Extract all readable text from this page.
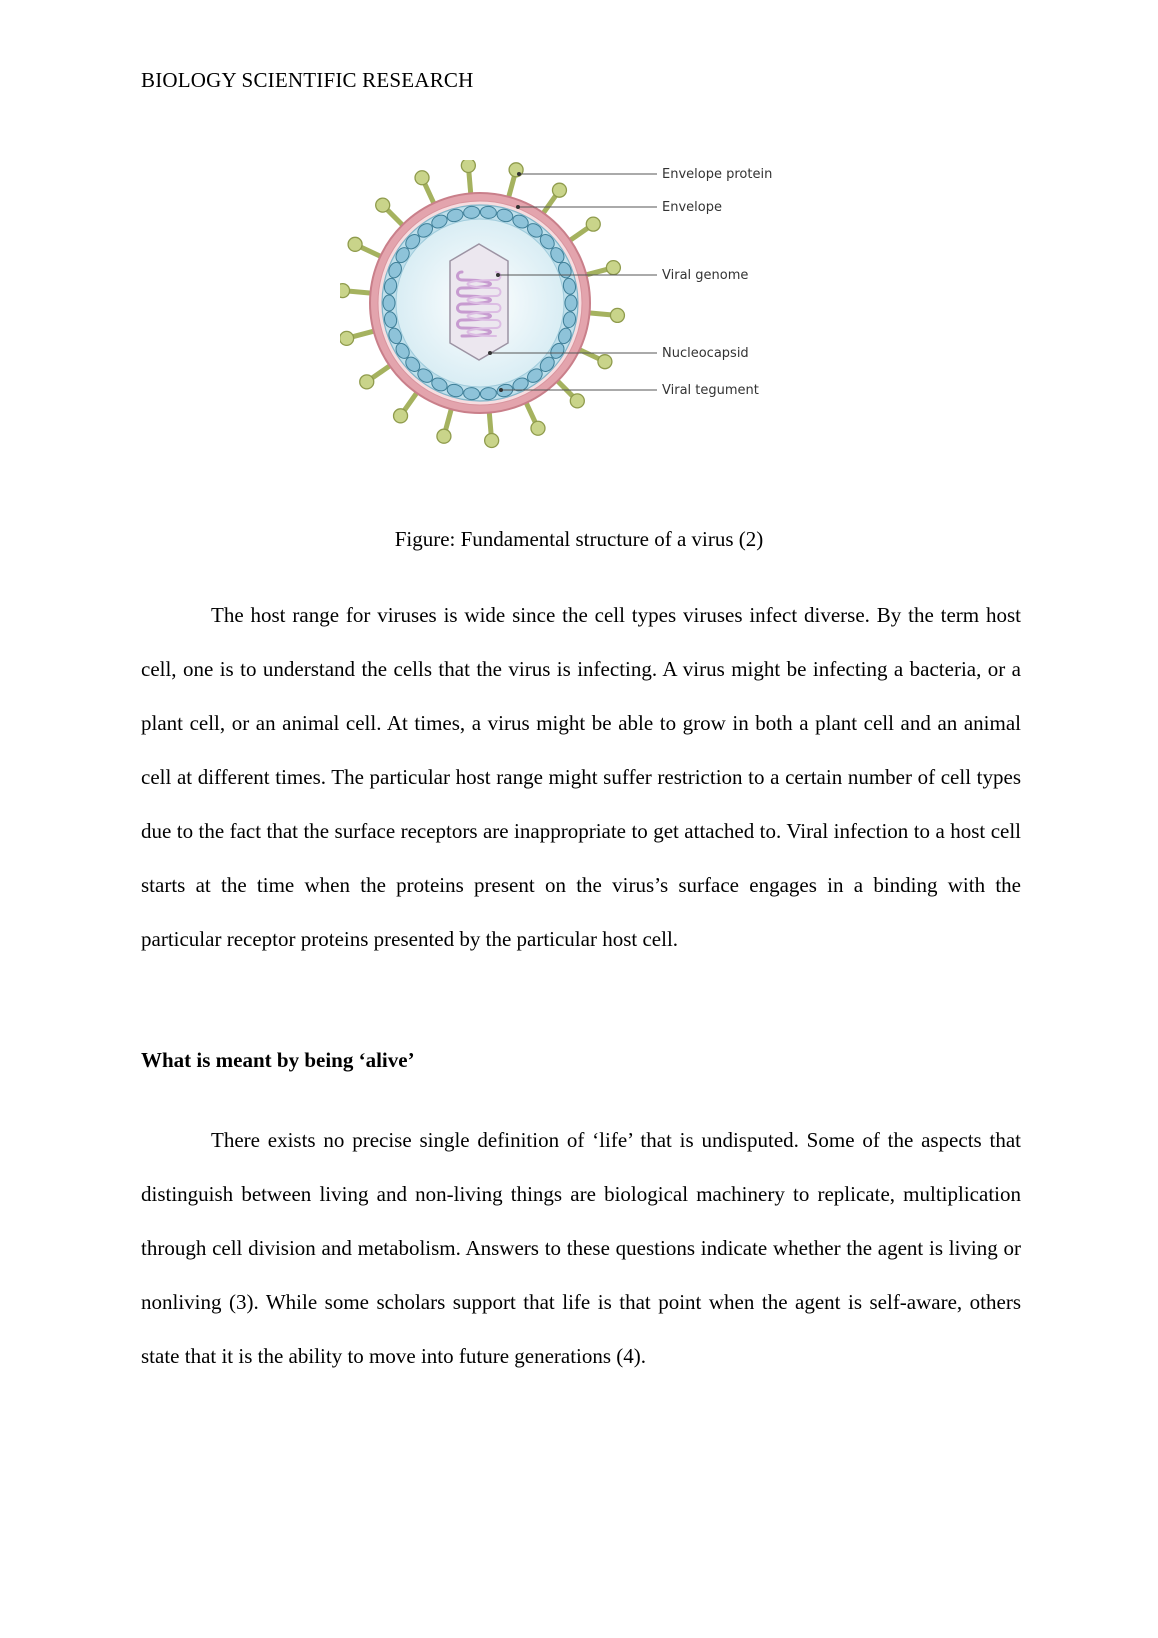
BIOLOGY SCIENTIFIC RESEARCH
Envelope protein
Envelope
Viral genome
Nucleocapsid
Viral tegument
Figure: Fundamental structure of a virus (2)

The host range for viruses is wide since the cell types viruses infect diverse. By the term host cell, one is to understand the cells that the virus is infecting. A virus might be infecting a bacteria, or a plant cell, or an animal cell. At times, a virus might be able to grow in both a plant cell and an animal cell at different times. The particular host range might suffer restriction to a certain number of cell types due to the fact that the surface receptors are inappropriate to get attached to. Viral infection to a host cell starts at the time when the proteins present on the virus’s surface engages in a binding with the particular receptor proteins presented by the particular host cell.

What is meant by being ‘alive’

There exists no precise single definition of ‘life’ that is undisputed. Some of the aspects that distinguish between living and non-living things are biological machinery to replicate, multiplication through cell division and metabolism. Answers to these questions indicate whether the agent is living or nonliving (3). While some scholars support that life is that point when the agent is self-aware, others state that it is the ability to move into future generations (4).
